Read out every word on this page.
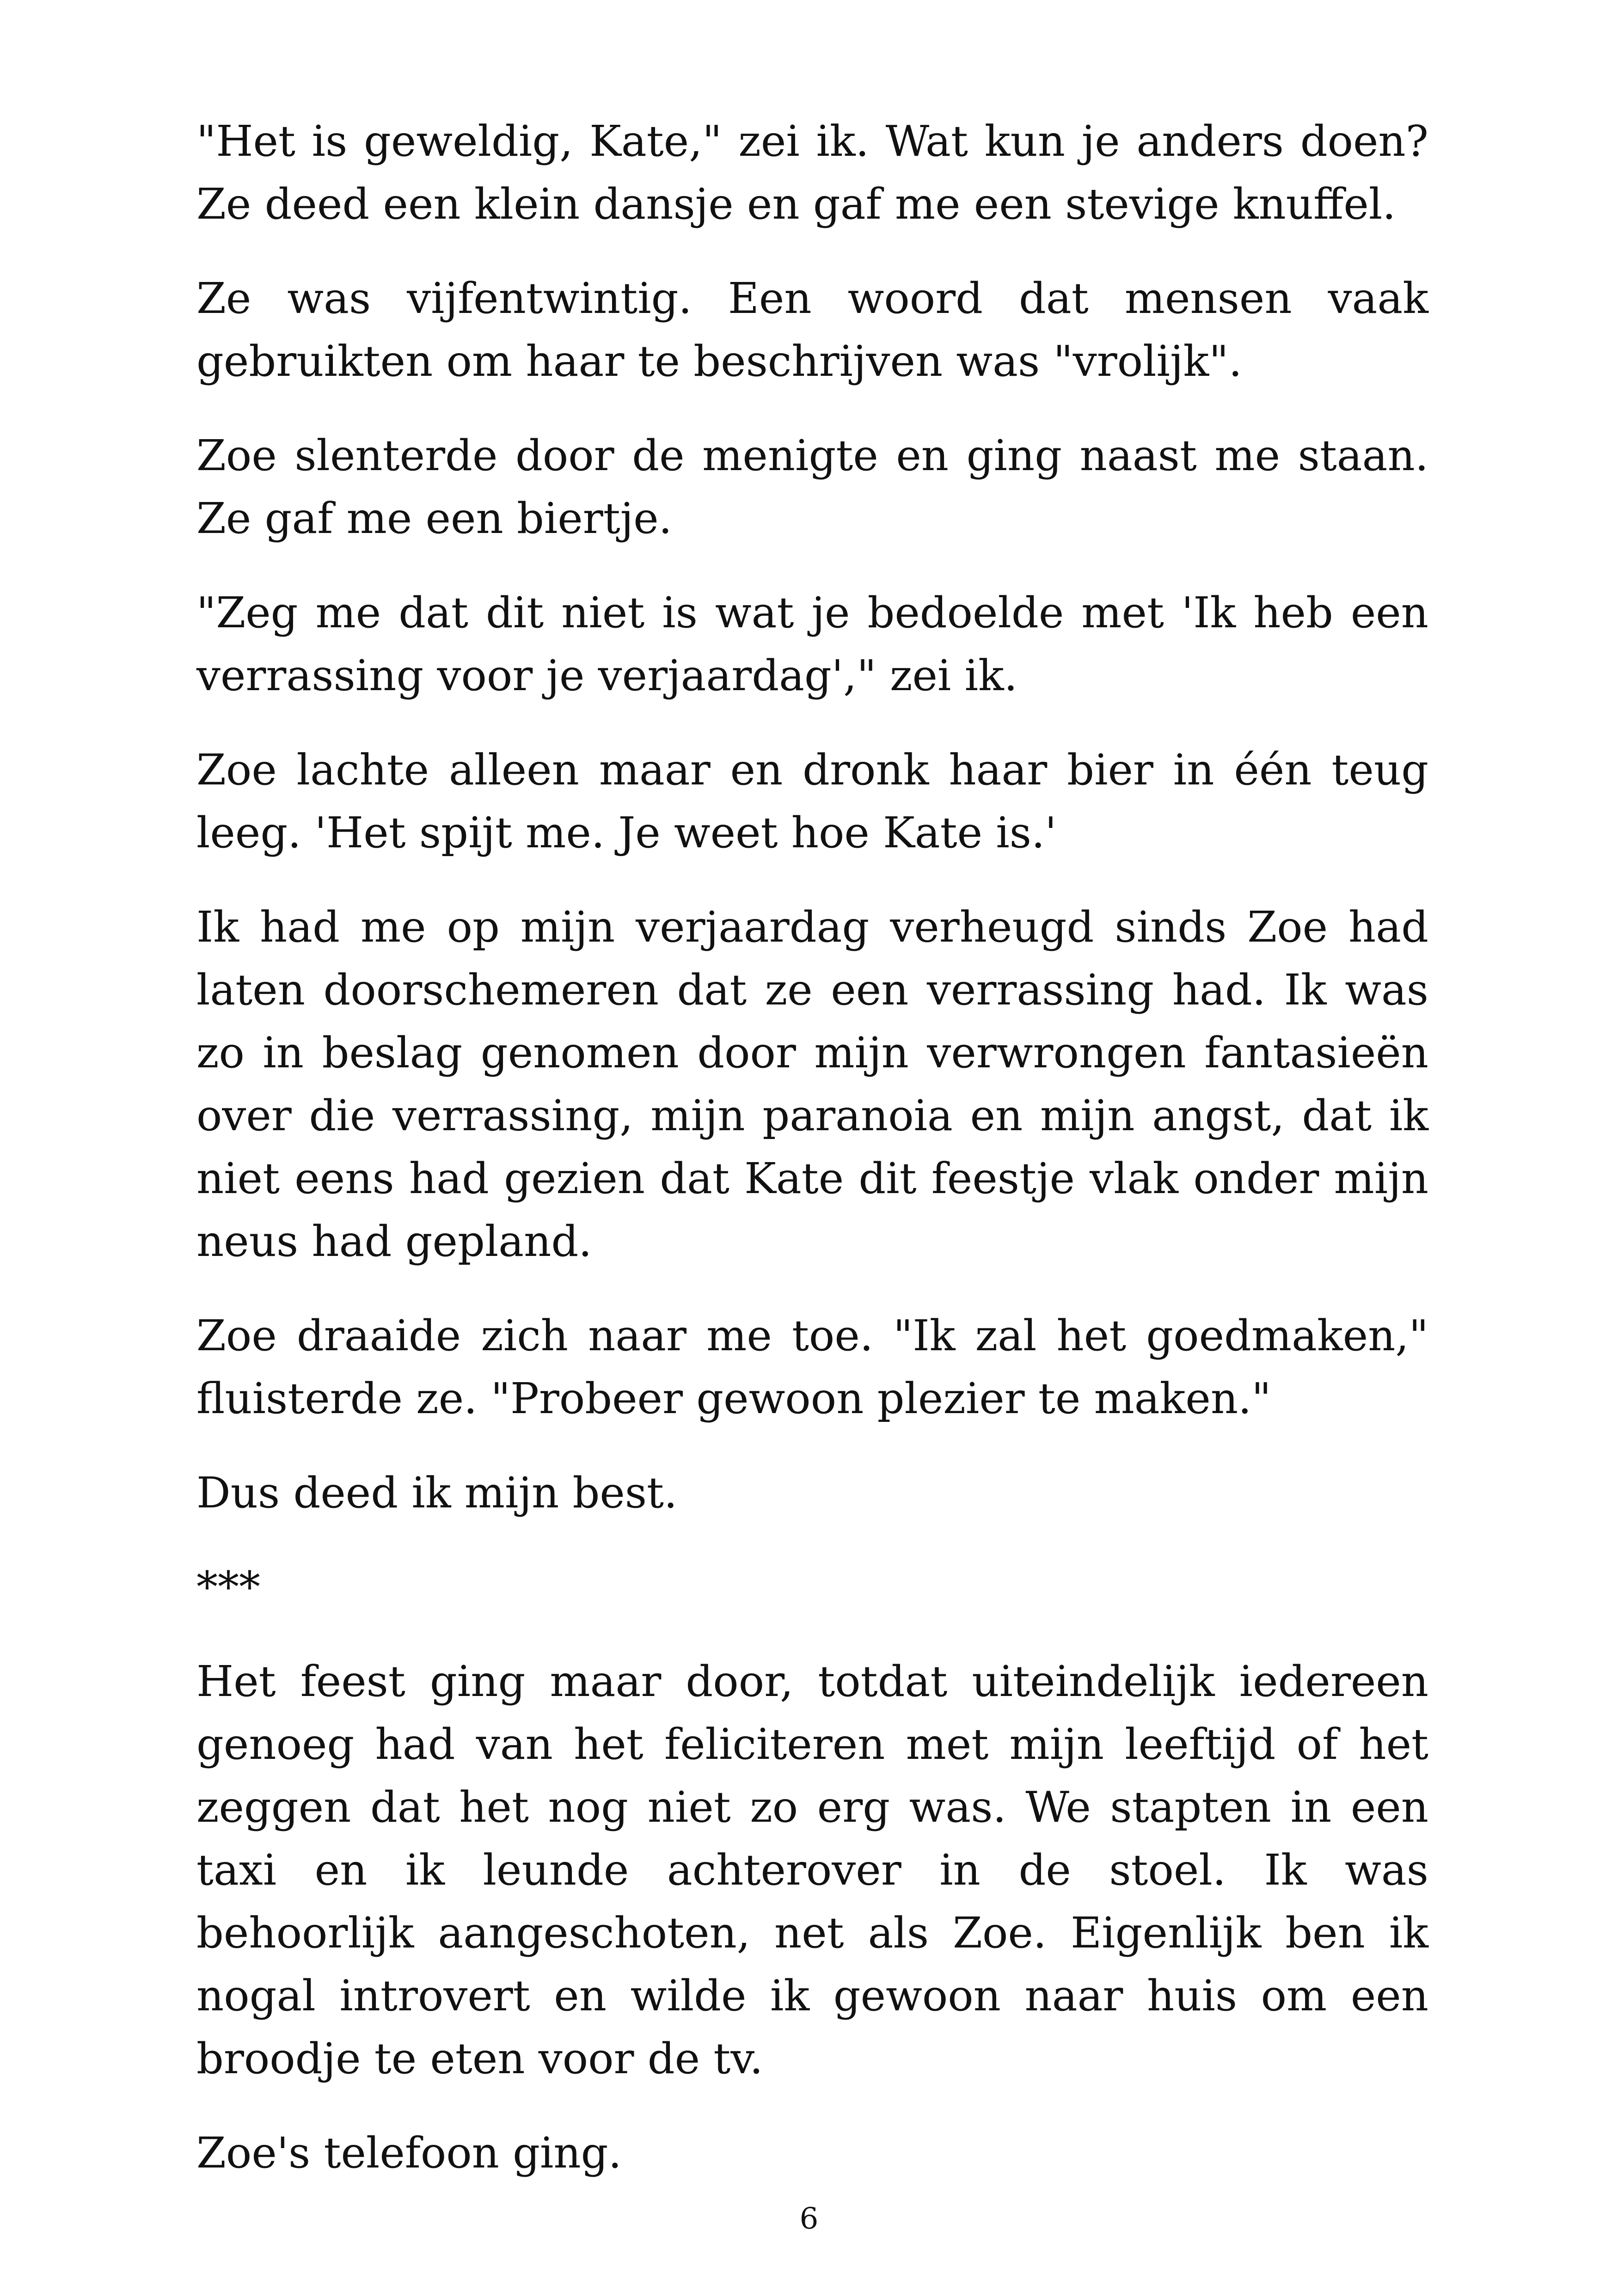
"Het is geweldig, Kate," zei ik. Wat kun je anders doen? Ze deed een klein dansje en gaf me een stevige knuffel.

Ze was vijfentwintig. Een woord dat mensen vaak gebruikten om haar te beschrijven was "vrolijk".

Zoe slenterde door de menigte en ging naast me staan. Ze gaf me een biertje.

"Zeg me dat dit niet is wat je bedoelde met 'Ik heb een verrassing voor je verjaardag'," zei ik.

Zoe lachte alleen maar en dronk haar bier in één teug leeg. 'Het spijt me. Je weet hoe Kate is.'

Ik had me op mijn verjaardag verheugd sinds Zoe had laten doorschemeren dat ze een verrassing had. Ik was zo in beslag genomen door mijn verwrongen fantasieën over die verrassing, mijn paranoia en mijn angst, dat ik niet eens had gezien dat Kate dit feestje vlak onder mijn neus had gepland.

Zoe draaide zich naar me toe. "Ik zal het goedmaken," fluisterde ze. "Probeer gewoon plezier te maken."

Dus deed ik mijn best.

***

Het feest ging maar door, totdat uiteindelijk iedereen genoeg had van het feliciteren met mijn leeftijd of het zeggen dat het nog niet zo erg was. We stapten in een taxi en ik leunde achterover in de stoel. Ik was behoorlijk aangeschoten, net als Zoe. Eigenlijk ben ik nogal introvert en wilde ik gewoon naar huis om een broodje te eten voor de tv.

Zoe's telefoon ging.

6
